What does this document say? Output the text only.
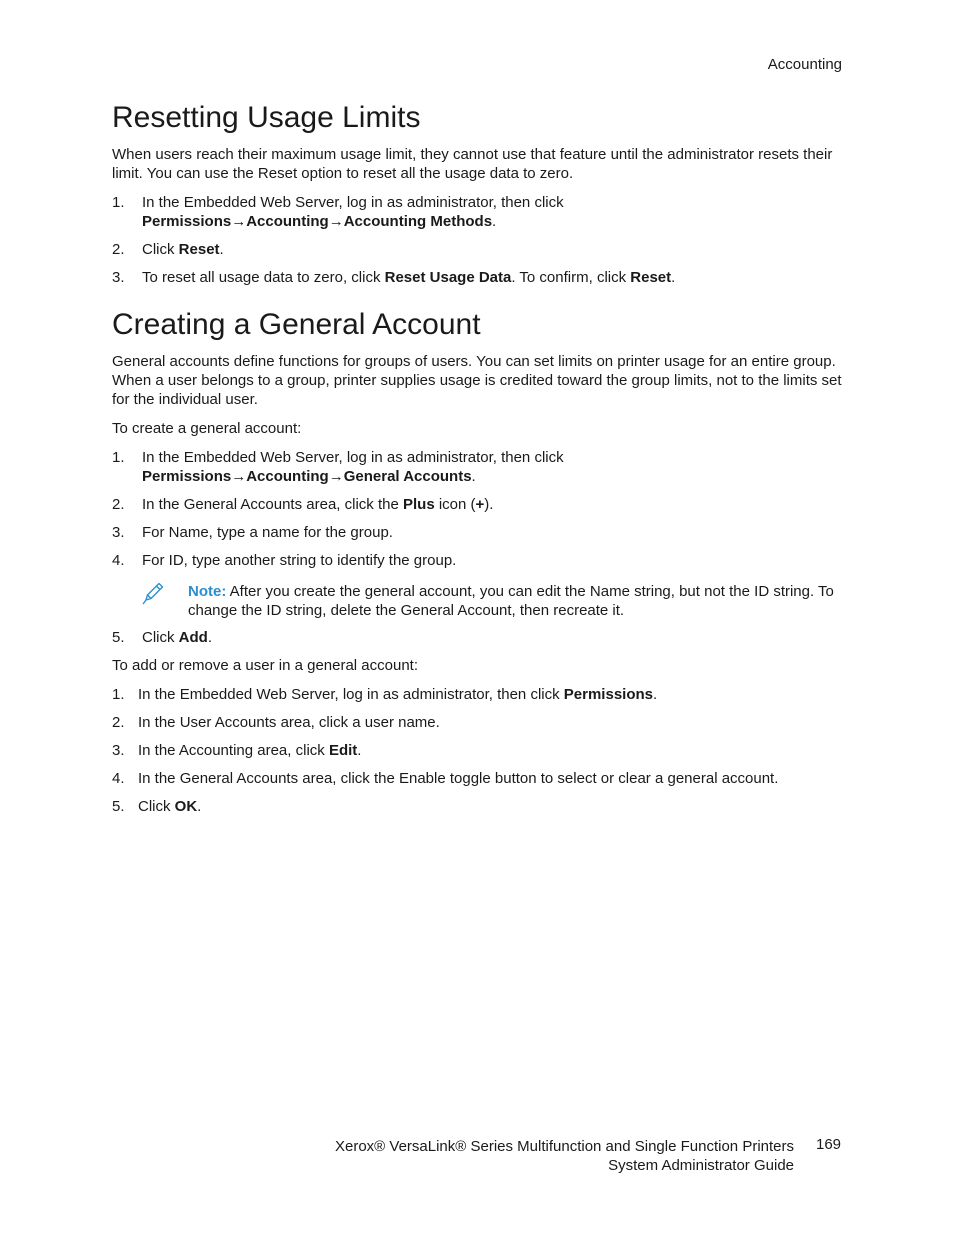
Accounting
Resetting Usage Limits

When users reach their maximum usage limit, they cannot use that feature until the administrator resets their limit. You can use the Reset option to reset all the usage data to zero.

1. In the Embedded Web Server, log in as administrator, then click
Permissions→Accounting→Accounting Methods.
2. Click Reset.
3. To reset all usage data to zero, click Reset Usage Data. To confirm, click Reset.
Creating a General Account

General accounts define functions for groups of users. You can set limits on printer usage for an entire group. When a user belongs to a group, printer supplies usage is credited toward the group limits, not to the limits set for the individual user.

To create a general account:

1. In the Embedded Web Server, log in as administrator, then click
Permissions→Accounting→General Accounts.
2. In the General Accounts area, click the Plus icon (+).
3. For Name, type a name for the group.
4. For ID, type another string to identify the group.
Note: After you create the general account, you can edit the Name string, but not the ID string. To change the ID string, delete the General Account, then recreate it.
5. Click Add.

To add or remove a user in a general account:

1. In the Embedded Web Server, log in as administrator, then click Permissions.
2. In the User Accounts area, click a user name.
3. In the Accounting area, click Edit.
4. In the General Accounts area, click the Enable toggle button to select or clear a general account.
5. Click OK.
Xerox® VersaLink® Series Multifunction and Single Function Printers
System Administrator Guide
169
